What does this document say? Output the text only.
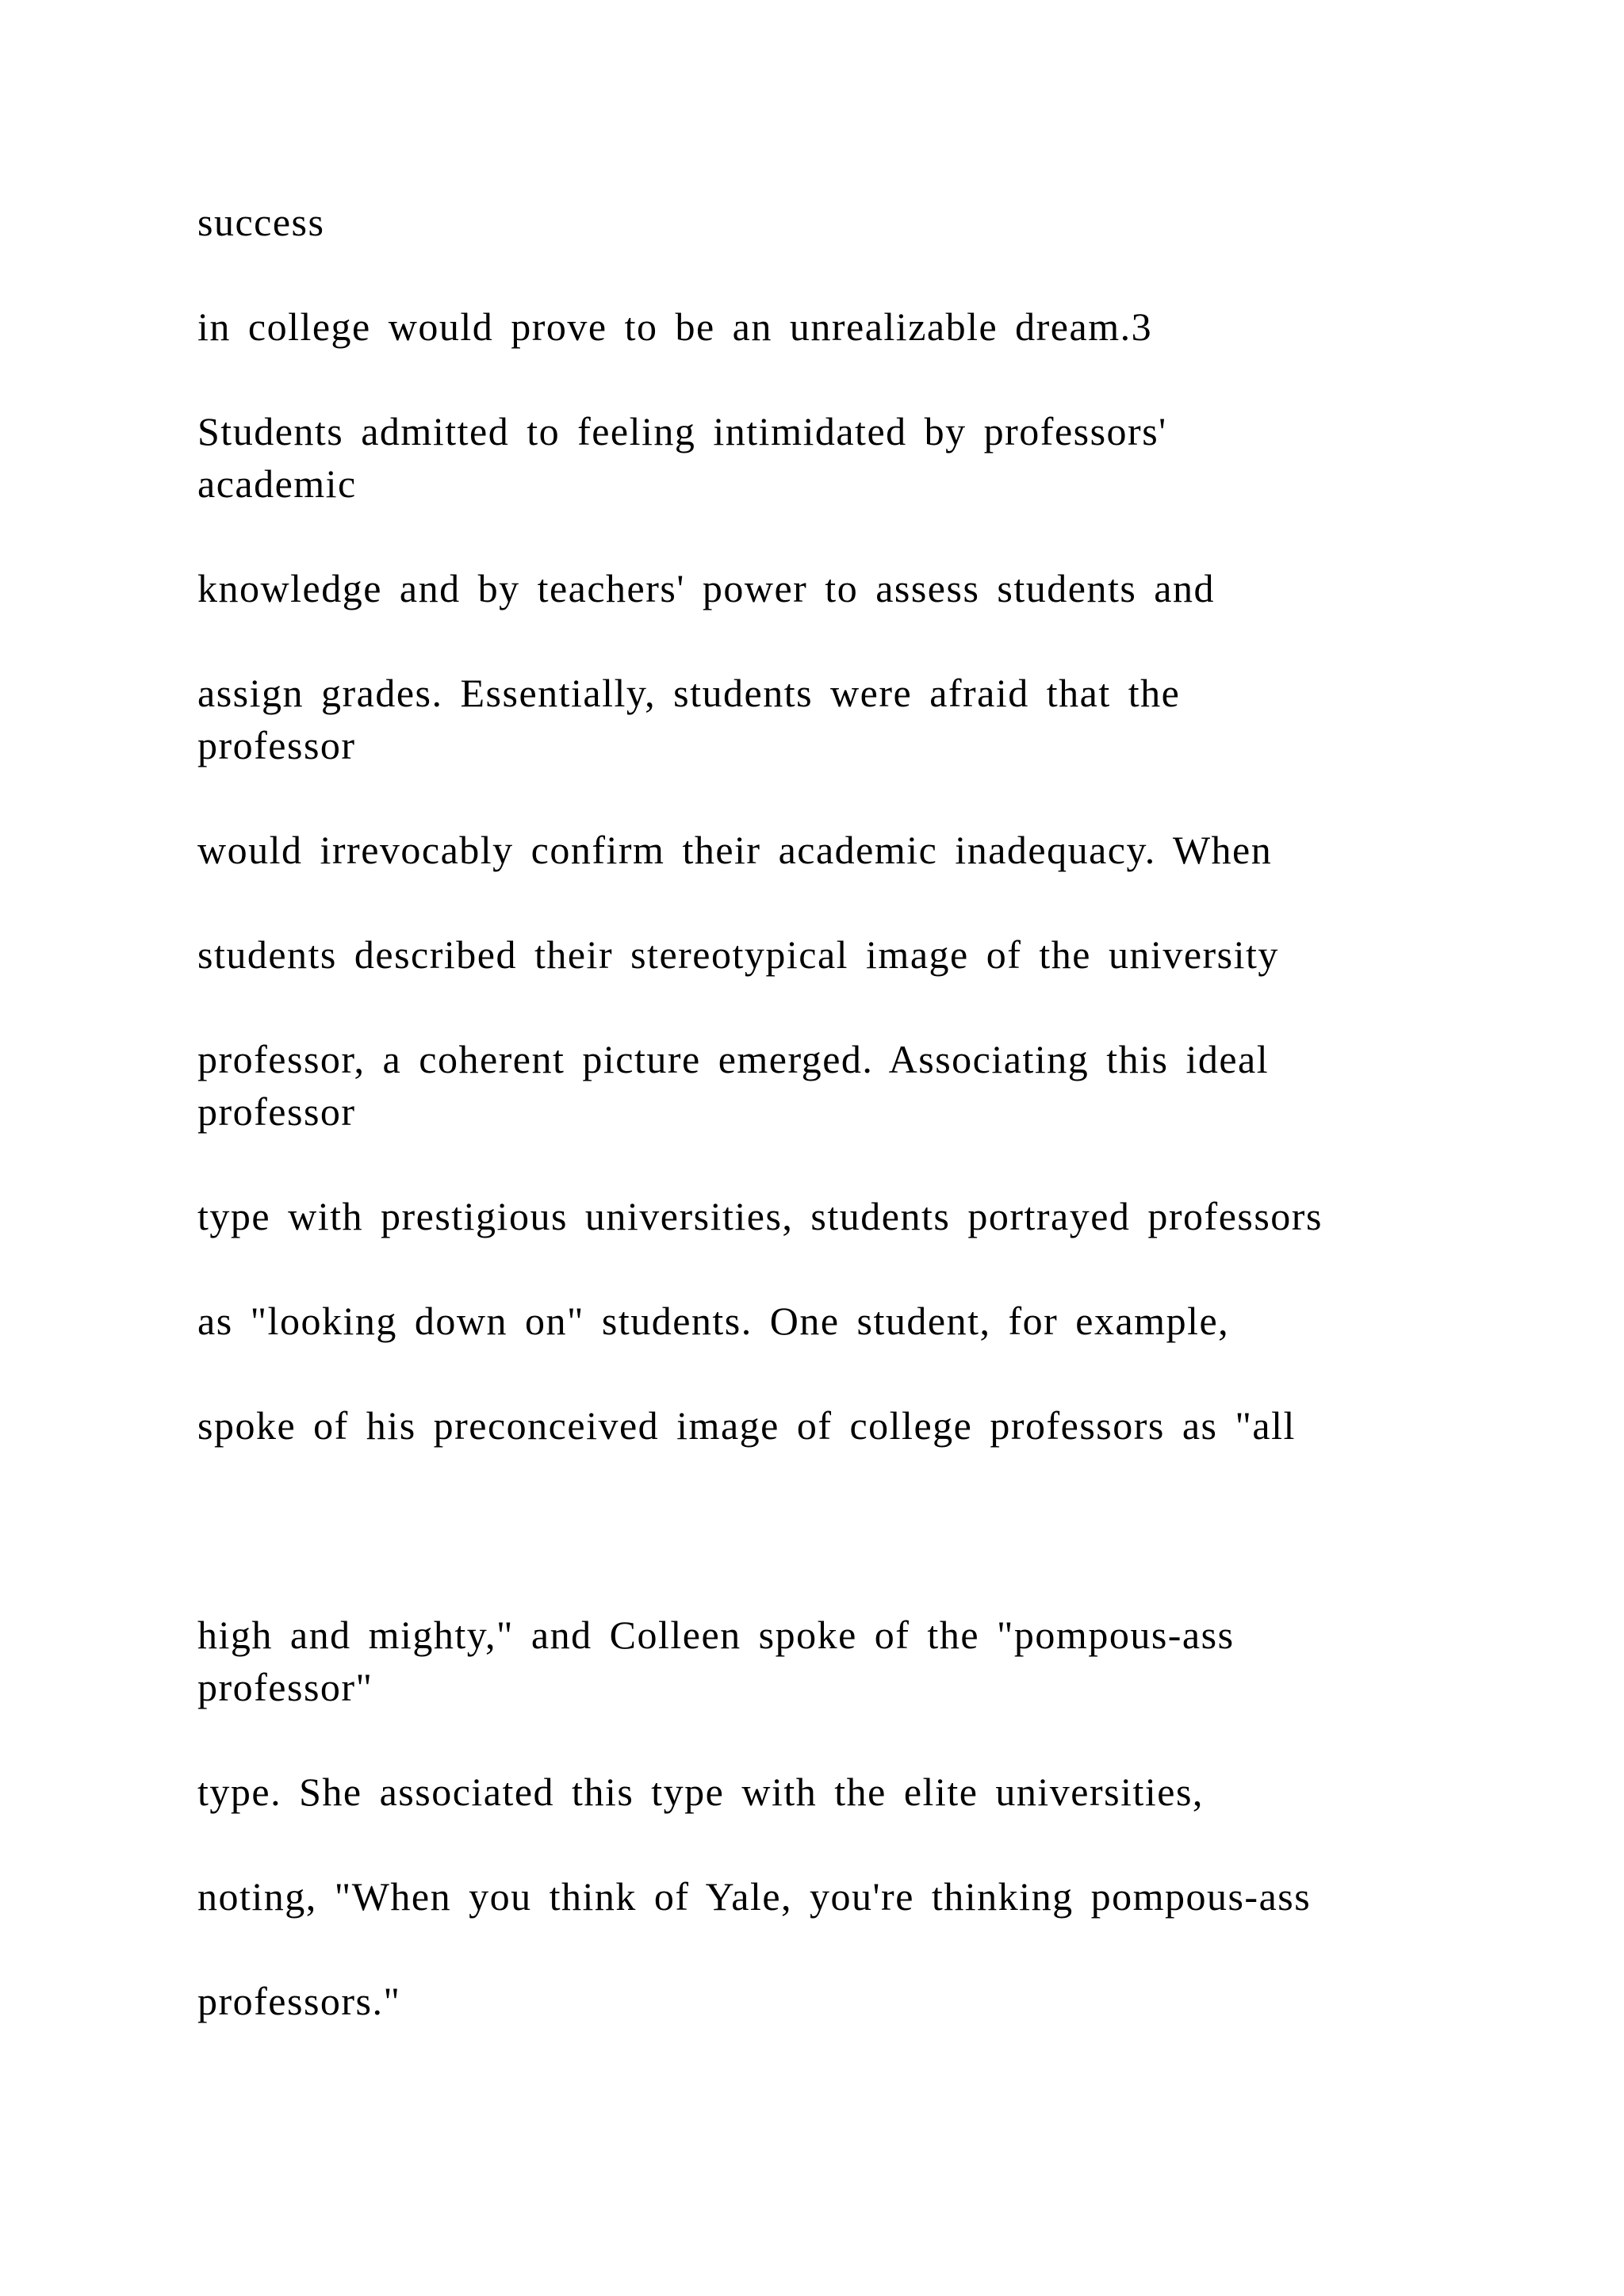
success

in college would prove to be an unrealizable dream.3

Students admitted to feeling intimidated by professors'

academic

knowledge and by teachers' power to assess students and

assign grades. Essentially, students were afraid that the

professor

would irrevocably confirm their academic inadequacy. When

students described their stereotypical image of the university

professor, a coherent picture emerged. Associating this ideal

professor

type with prestigious universities, students portrayed professors

as "looking down on" students. One student, for example,

spoke of his preconceived image of college professors as "all

high and mighty," and Colleen spoke of the "pompous-ass

professor"

type. She associated this type with the elite universities,

noting, "When you think of Yale, you're thinking pompous-ass

professors."
